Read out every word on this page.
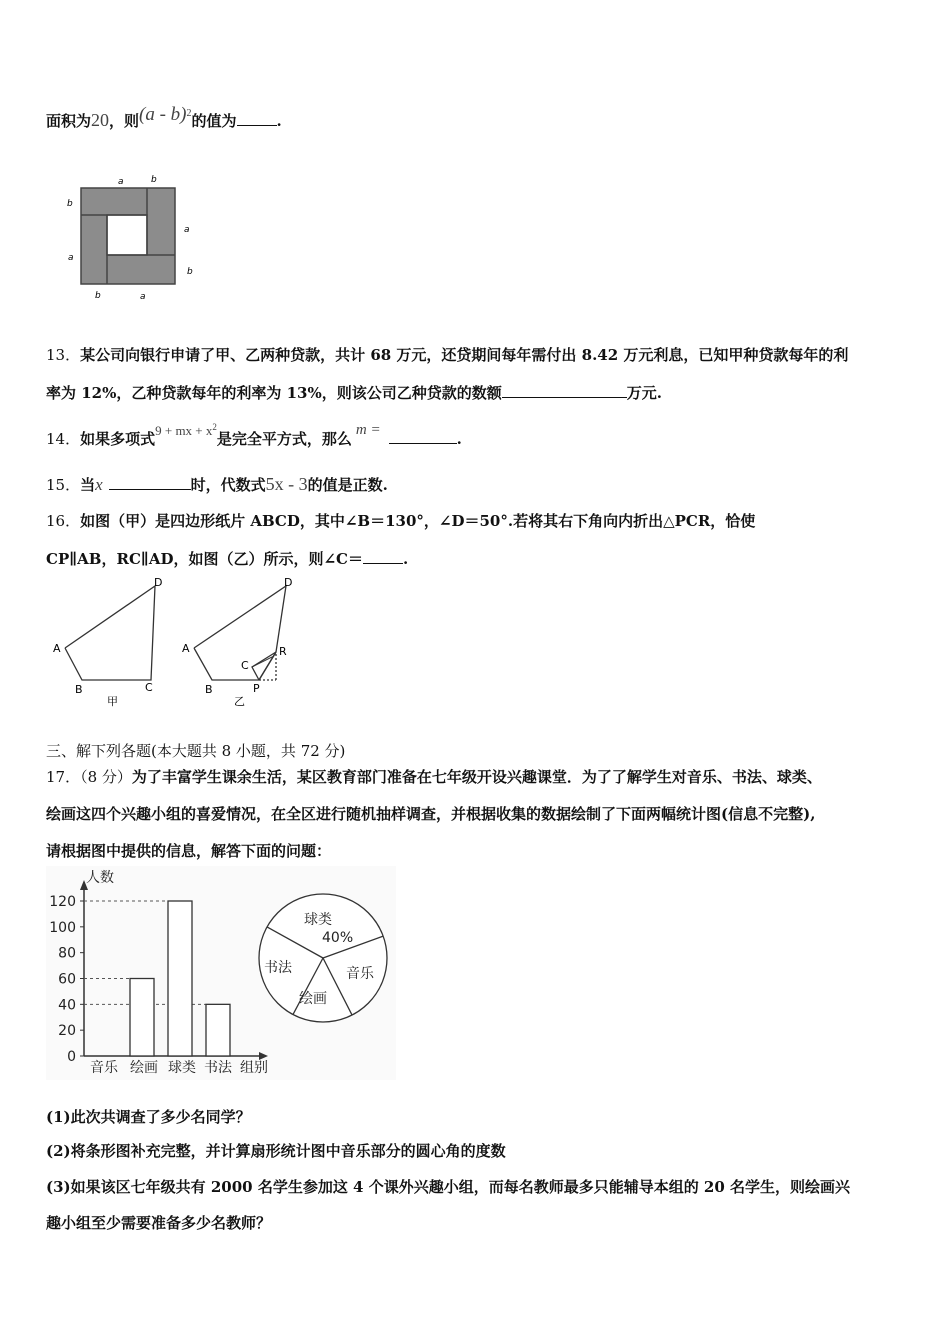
面积为20，则(a - b)$^2$的值为	.
a	b
b
a
a
b
b	a
13．某公司向银行申请了甲、乙两种贷款，共计 68 万元，还贷期间每年需付出 8.42 万元利息，已知甲种贷款每年的利
率为 12%，乙种贷款每年的利率为 13%，则该公司乙种贷款的数额	万元.
14．如果多项式9 + mx + $x^2$是完全平方式，那么 m =	.
15．当x	时，代数式5x - 3的值是正数.
16．如图（甲）是四边形纸片 ABCD，其中∠B＝130°，∠D＝50°.若将其右下角向内折出△PCR，恰使
CP∥AB，RC∥AD，如图（乙）所示，则∠C＝	.
A
B	C
D
甲
A
B
C
D
P
R
乙
三、解下列各题(本大题共 8 小题，共 72 分)
17．（8 分）为了丰富学生课余生活，某区教育部门准备在七年级开设兴趣课堂．为了了解学生对音乐、书法、球类、
绘画这四个兴趣小组的喜爱情况，在全区进行随机抽样调查，并根据收集的数据绘制了下面两幅统计图(信息不完整),
请根据图中提供的信息，解答下面的问题：
0
20
40
60
80
100
120
人数
组别
音乐 绘画 球类 书法
球类
音乐
绘画
书法
40%
(1)此次共调查了多少名同学？
(2)将条形图补充完整，并计算扇形统计图中音乐部分的圆心角的度数
(3)如果该区七年级共有 2000 名学生参加这 4 个课外兴趣小组，而每名教师最多只能辅导本组的 20 名学生，则绘画兴
趣小组至少需要准备多少名教师？
